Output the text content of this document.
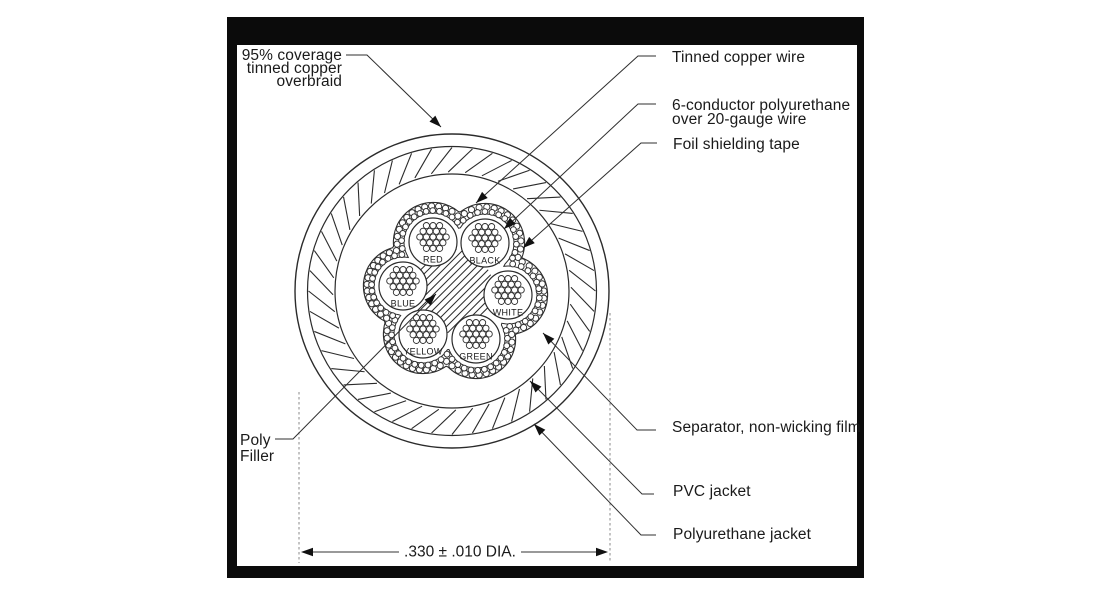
RED	BLACK
BLUE
WHITE
YELLOW GREEN
.330 ± .010 DIA.
95% coverage tinned copper overbraid
Tinned copper wire
6-conductor polyurethane over 20-gauge wire
Foil shielding tape
Separator, non-wicking film
PVC jacket
Polyurethane jacket
Poly Filler
